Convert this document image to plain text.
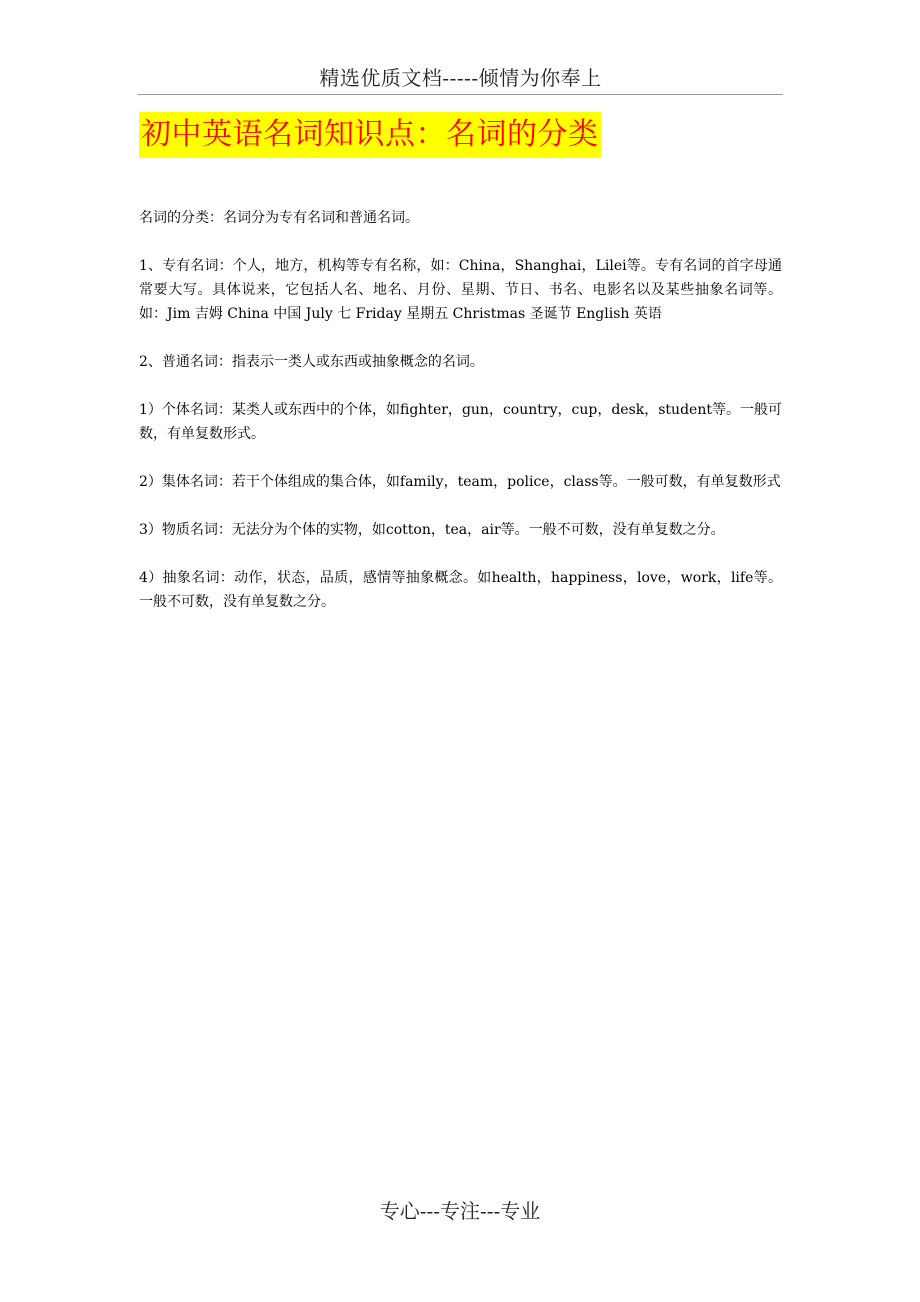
精选优质文档-----倾情为你奉上
初中英语名词知识点：名词的分类

名词的分类：名词分为专有名词和普通名词。

1、专有名词：个人，地方，机构等专有名称，如：China，Shanghai，Lilei等。专有名词的首字母通常要大写。具体说来，它包括人名、地名、月份、星期、节日、书名、电影名以及某些抽象名词等。如：Jim 吉姆 China 中国 July 七 Friday 星期五 Christmas 圣诞节 English 英语

2、普通名词：指表示一类人或东西或抽象概念的名词。

1）个体名词：某类人或东西中的个体，如fighter，gun，country，cup，desk，student等。一般可数，有单复数形式。

2）集体名词：若干个体组成的集合体，如family，team，police，class等。一般可数，有单复数形式

3）物质名词：无法分为个体的实物，如cotton，tea，air等。一般不可数，没有单复数之分。

4）抽象名词：动作，状态，品质，感情等抽象概念。如health，happiness，love，work，life等。一般不可数，没有单复数之分。

专心---专注---专业
